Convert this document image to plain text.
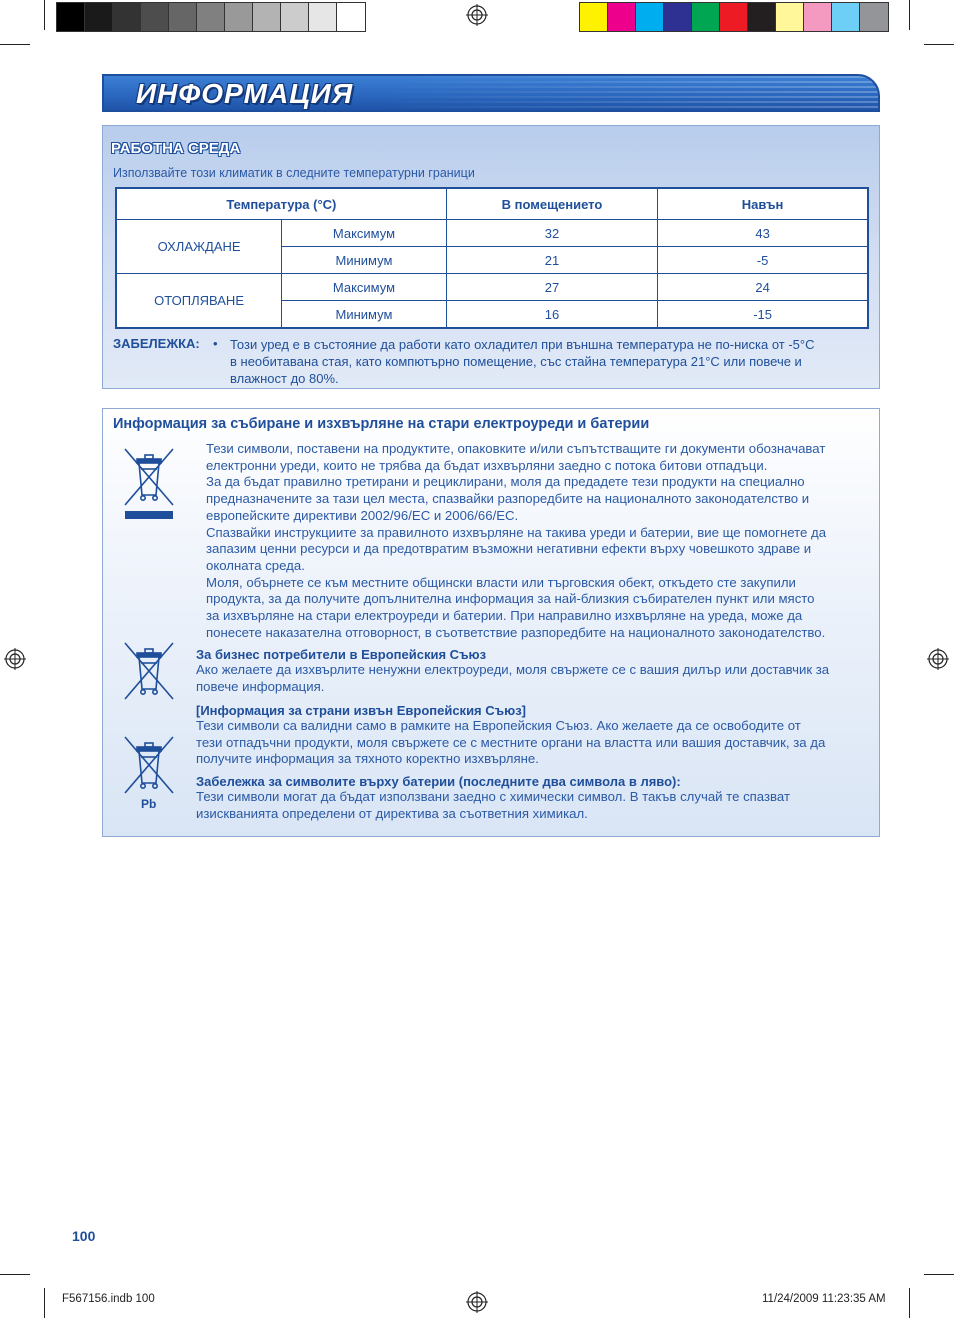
ИНФОРМАЦИЯ
РАБОТНА СРЕДА
Използвайте този климатик в следните температурни граници
Температура (°C)		В помещението	Навън
ОХЛАЖДАНЕ	Максимум	32	43
	Минимум	21	-5
ОТОПЛЯВАНЕ	Максимум	27	24
	Минимум	16	-15
ЗАБЕЛЕЖКА: • Този уред е в състояние да работи като охладител при външна температура не по-ниска от -5°C
в необитавана стая, като компютърно помещение, със стайна температура 21°C или повече и
влажност до 80%.
Информация за събиране и изхвърляне на стари електроуреди и батерии
Тези символи, поставени на продуктите, опаковките и/или съпътстващите ги документи обозначават
електронни уреди, които не трябва да бъдат изхвърляни заедно с потока битови отпадъци.
За да бъдат правилно третирани и рециклирани, моля да предадете тези продукти на специално
предназначените за тази цел места, спазвайки разпоредбите на националното законодателство и
европейските директиви 2002/96/EC и 2006/66/EC.
Спазвайки инструкциите за правилното изхвърляне на такива уреди и батерии, вие ще помогнете да
запазим ценни ресурси и да предотвратим възможни негативни ефекти върху човешкото здраве и
околната среда.
Моля, обърнете се към местните общински власти или търговския обект, откъдето сте закупили
продукта, за да получите допълнителна информация за най-близкия събирателен пункт или място
за изхвърляне на стари електроуреди и батерии. При направилно изхвърляне на уреда, може да
понесете наказателна отговорност, в съответствие разпоредбите на националното законодателство.
За бизнес потребители в Европейския Съюз
Ако желаете да изхвърлите ненужни електроуреди, моля свържете се с вашия дилър или доставчик за
повече информация.
[Информация за страни извън Европейския Съюз]
Тези символи са валидни само в рамките на Европейския Съюз. Ако желаете да се освободите от
тези отпадъчни продукти, моля свържете се с местните органи на властта или вашия доставчик, за да
получите информация за тяхното коректно изхвърляне.
Pb
Забележка за символите върху батерии (последните два символа в ляво):
Тези символи могат да бъдат използвани заедно с химически символ. В такъв случай те спазват
изискванията определени от директива за съответния химикал.
100
F567156.indb 100	11/24/2009 11:23:35 AM
